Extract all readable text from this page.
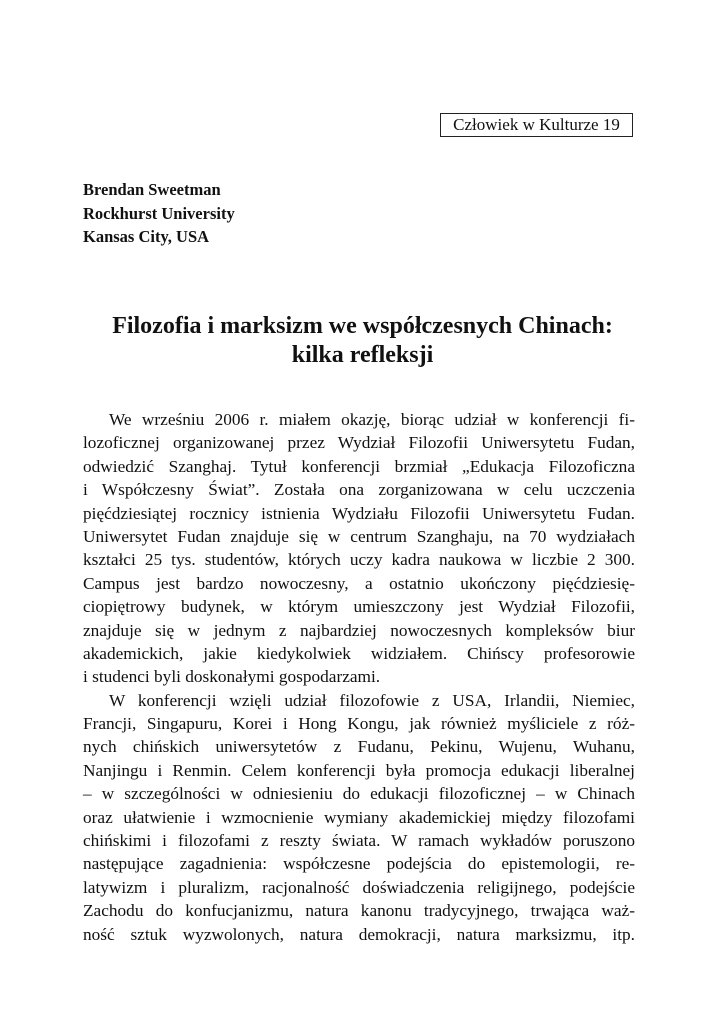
Człowiek w Kulturze 19
Brendan Sweetman
Rockhurst University
Kansas City, USA
Filozofia i marksizm we współczesnych Chinach:
kilka refleksji
We wrześniu 2006 r. miałem okazję, biorąc udział w konferencji fi-
lozoficznej organizowanej przez Wydział Filozofii Uniwersytetu Fudan,
odwiedzić Szanghaj. Tytuł konferencji brzmiał „Edukacja Filozoficzna
i Współczesny Świat”. Została ona zorganizowana w celu uczczenia
pięćdziesiątej rocznicy istnienia Wydziału Filozofii Uniwersytetu Fudan.
Uniwersytet Fudan znajduje się w centrum Szanghaju, na 70 wydziałach
kształci 25 tys. studentów, których uczy kadra naukowa w liczbie 2 300.
Campus jest bardzo nowoczesny, a ostatnio ukończony pięćdziesię-
ciopiętrowy budynek, w którym umieszczony jest Wydział Filozofii,
znajduje się w jednym z najbardziej nowoczesnych kompleksów biur
akademickich, jakie kiedykolwiek widziałem. Chińscy profesorowie
i studenci byli doskonałymi gospodarzami.
W konferencji wzięli udział filozofowie z USA, Irlandii, Niemiec,
Francji, Singapuru, Korei i Hong Kongu, jak również myśliciele z róż-
nych chińskich uniwersytetów z Fudanu, Pekinu, Wujenu, Wuhanu,
Nanjingu i Renmin. Celem konferencji była promocja edukacji liberalnej
– w szczególności w odniesieniu do edukacji filozoficznej – w Chinach
oraz ułatwienie i wzmocnienie wymiany akademickiej między filozofami
chińskimi i filozofami z reszty świata. W ramach wykładów poruszono
następujące zagadnienia: współczesne podejścia do epistemologii, re-
latywizm i pluralizm, racjonalność doświadczenia religijnego, podejście
Zachodu do konfucjanizmu, natura kanonu tradycyjnego, trwająca waż-
ność sztuk wyzwolonych, natura demokracji, natura marksizmu, itp.
